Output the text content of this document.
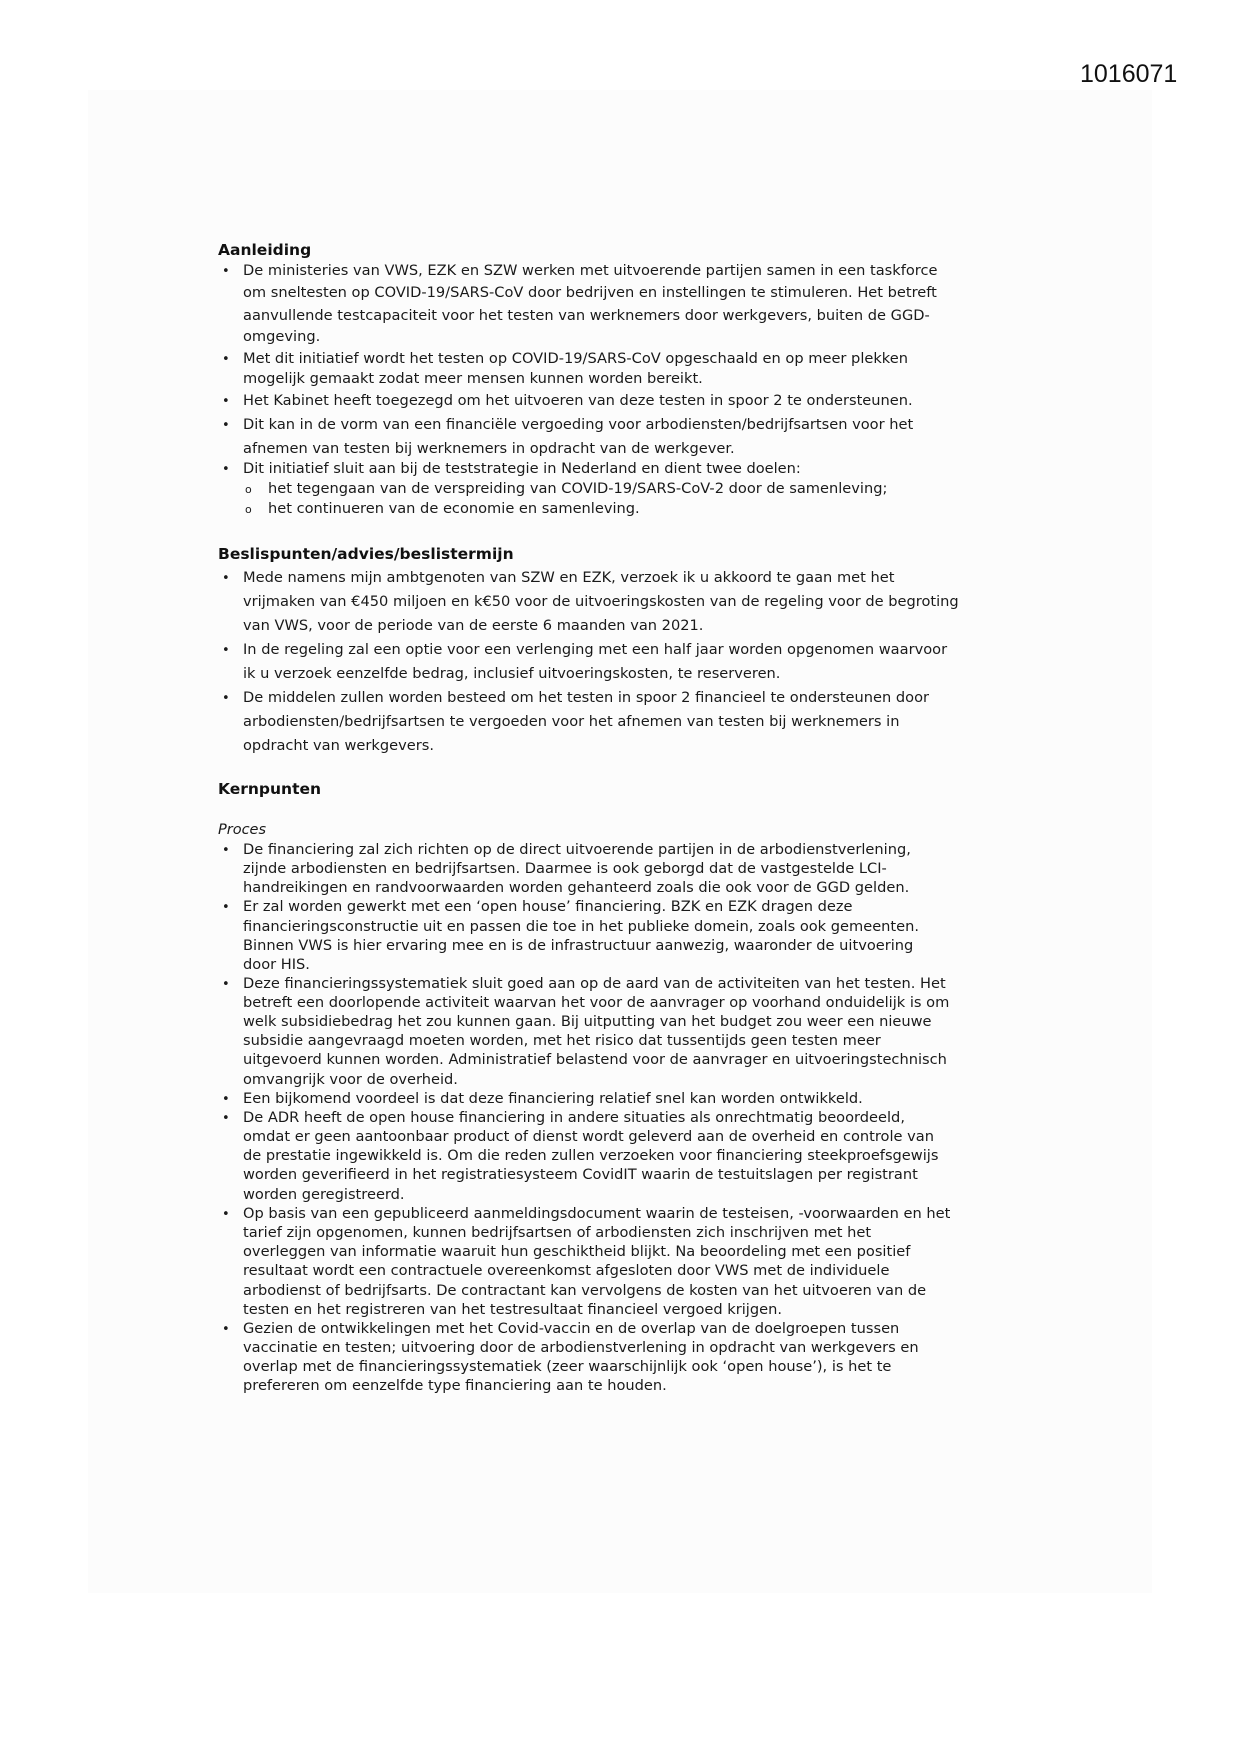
1016071
Aanleiding
• De ministeries van VWS, EZK en SZW werken met uitvoerende partijen samen in een taskforce
om sneltesten op COVID-19/SARS-CoV door bedrijven en instellingen te stimuleren. Het betreft
aanvullende testcapaciteit voor het testen van werknemers door werkgevers, buiten de GGD-
omgeving.
• Met dit initiatief wordt het testen op COVID-19/SARS-CoV opgeschaald en op meer plekken
mogelijk gemaakt zodat meer mensen kunnen worden bereikt.
• Het Kabinet heeft toegezegd om het uitvoeren van deze testen in spoor 2 te ondersteunen.
• Dit kan in de vorm van een financiële vergoeding voor arbodiensten/bedrijfsartsen voor het
afnemen van testen bij werknemers in opdracht van de werkgever.
• Dit initiatief sluit aan bij de teststrategie in Nederland en dient twee doelen:
o het tegengaan van de verspreiding van COVID-19/SARS-CoV-2 door de samenleving;
o het continueren van de economie en samenleving.
Beslispunten/advies/beslistermijn
• Mede namens mijn ambtgenoten van SZW en EZK, verzoek ik u akkoord te gaan met het
vrijmaken van €450 miljoen en k€50 voor de uitvoeringskosten van de regeling voor de begroting
van VWS, voor de periode van de eerste 6 maanden van 2021.
• In de regeling zal een optie voor een verlenging met een half jaar worden opgenomen waarvoor
ik u verzoek eenzelfde bedrag, inclusief uitvoeringskosten, te reserveren.
• De middelen zullen worden besteed om het testen in spoor 2 financieel te ondersteunen door
arbodiensten/bedrijfsartsen te vergoeden voor het afnemen van testen bij werknemers in
opdracht van werkgevers.
Kernpunten
Proces
• De financiering zal zich richten op de direct uitvoerende partijen in de arbodienstverlening,
zijnde arbodiensten en bedrijfsartsen. Daarmee is ook geborgd dat de vastgestelde LCI-
handreikingen en randvoorwaarden worden gehanteerd zoals die ook voor de GGD gelden.
• Er zal worden gewerkt met een ‘open house’ financiering. BZK en EZK dragen deze
financieringsconstructie uit en passen die toe in het publieke domein, zoals ook gemeenten.
Binnen VWS is hier ervaring mee en is de infrastructuur aanwezig, waaronder de uitvoering
door HIS.
• Deze financieringssystematiek sluit goed aan op de aard van de activiteiten van het testen. Het
betreft een doorlopende activiteit waarvan het voor de aanvrager op voorhand onduidelijk is om
welk subsidiebedrag het zou kunnen gaan. Bij uitputting van het budget zou weer een nieuwe
subsidie aangevraagd moeten worden, met het risico dat tussentijds geen testen meer
uitgevoerd kunnen worden. Administratief belastend voor de aanvrager en uitvoeringstechnisch
omvangrijk voor de overheid.
• Een bijkomend voordeel is dat deze financiering relatief snel kan worden ontwikkeld.
• De ADR heeft de open house financiering in andere situaties als onrechtmatig beoordeeld,
omdat er geen aantoonbaar product of dienst wordt geleverd aan de overheid en controle van
de prestatie ingewikkeld is. Om die reden zullen verzoeken voor financiering steekproefsgewijs
worden geverifieerd in het registratiesysteem CovidIT waarin de testuitslagen per registrant
worden geregistreerd.
• Op basis van een gepubliceerd aanmeldingsdocument waarin de testeisen, -voorwaarden en het
tarief zijn opgenomen, kunnen bedrijfsartsen of arbodiensten zich inschrijven met het
overleggen van informatie waaruit hun geschiktheid blijkt. Na beoordeling met een positief
resultaat wordt een contractuele overeenkomst afgesloten door VWS met de individuele
arbodienst of bedrijfsarts. De contractant kan vervolgens de kosten van het uitvoeren van de
testen en het registreren van het testresultaat financieel vergoed krijgen.
• Gezien de ontwikkelingen met het Covid-vaccin en de overlap van de doelgroepen tussen
vaccinatie en testen; uitvoering door de arbodienstverlening in opdracht van werkgevers en
overlap met de financieringssystematiek (zeer waarschijnlijk ook ‘open house’), is het te
prefereren om eenzelfde type financiering aan te houden.
